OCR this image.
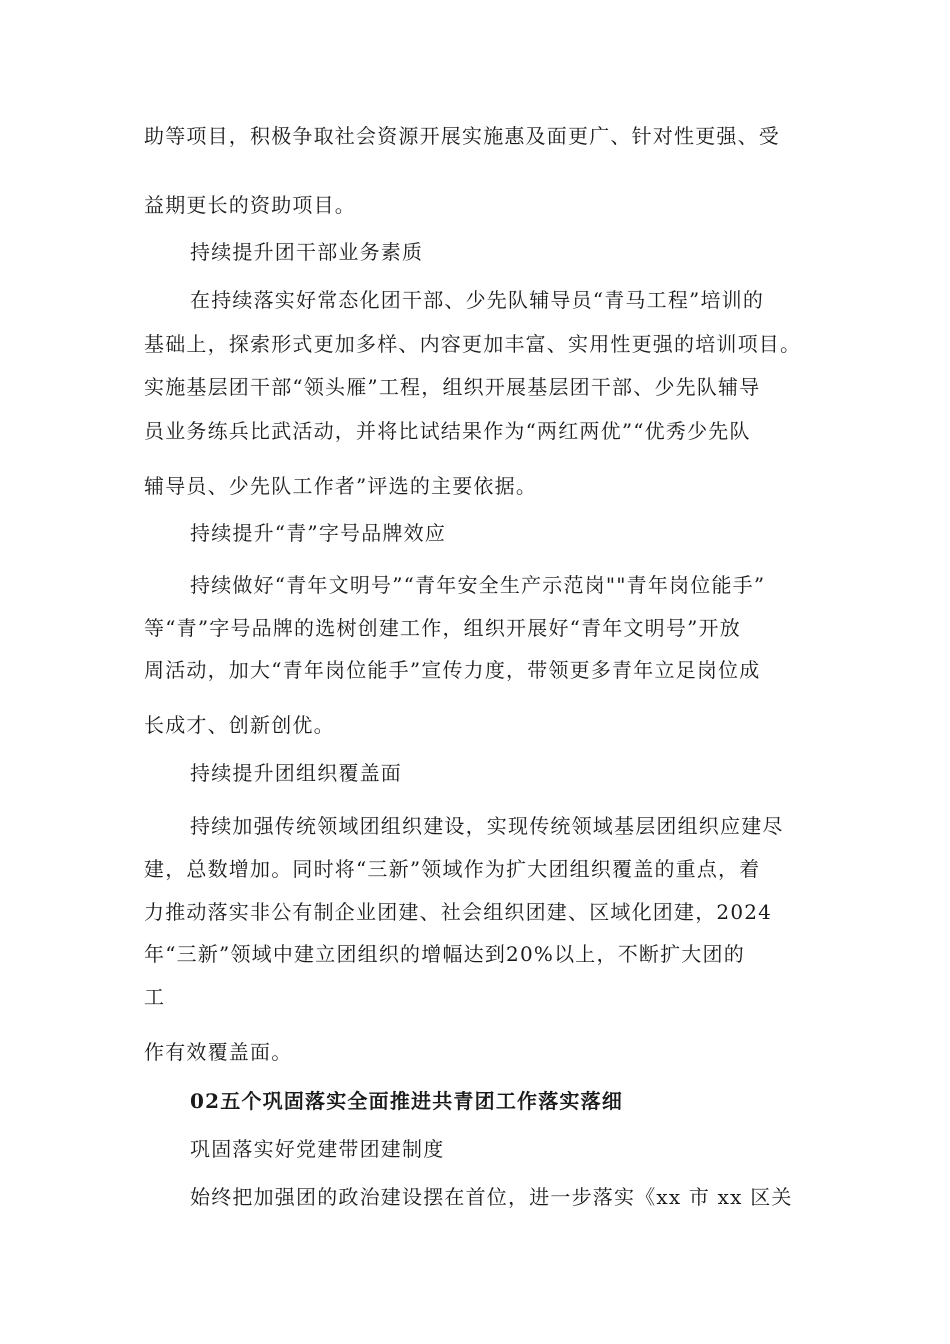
助等项目，积极争取社会资源开展实施惠及面更广、针对性更强、受
益期更长的资助项目。
持续提升团干部业务素质
在持续落实好常态化团干部、少先队辅导员“青马工程”培训的
基础上，探索形式更加多样、内容更加丰富、实用性更强的培训项目。
实施基层团干部“领头雁”工程，组织开展基层团干部、少先队辅导
员业务练兵比武活动，并将比试结果作为“两红两优”“优秀少先队
辅导员、少先队工作者”评选的主要依据。
持续提升“青”字号品牌效应
持续做好“青年文明号”“青年安全生产示范岗""青年岗位能手”
等“青”字号品牌的选树创建工作，组织开展好“青年文明号”开放
周活动，加大“青年岗位能手”宣传力度，带领更多青年立足岗位成
长成才、创新创优。
持续提升团组织覆盖面
持续加强传统领域团组织建设，实现传统领域基层团组织应建尽
建，总数增加。同时将“三新”领域作为扩大团组织覆盖的重点，着
力推动落实非公有制企业团建、社会组织团建、区域化团建，2024
年“三新”领域中建立团组织的增幅达到20%以上，不断扩大团的
工
作有效覆盖面。
02五个巩固落实全面推进共青团工作落实落细
巩固落实好党建带团建制度
始终把加强团的政治建设摆在首位，进一步落实《xx 市 xx 区关
